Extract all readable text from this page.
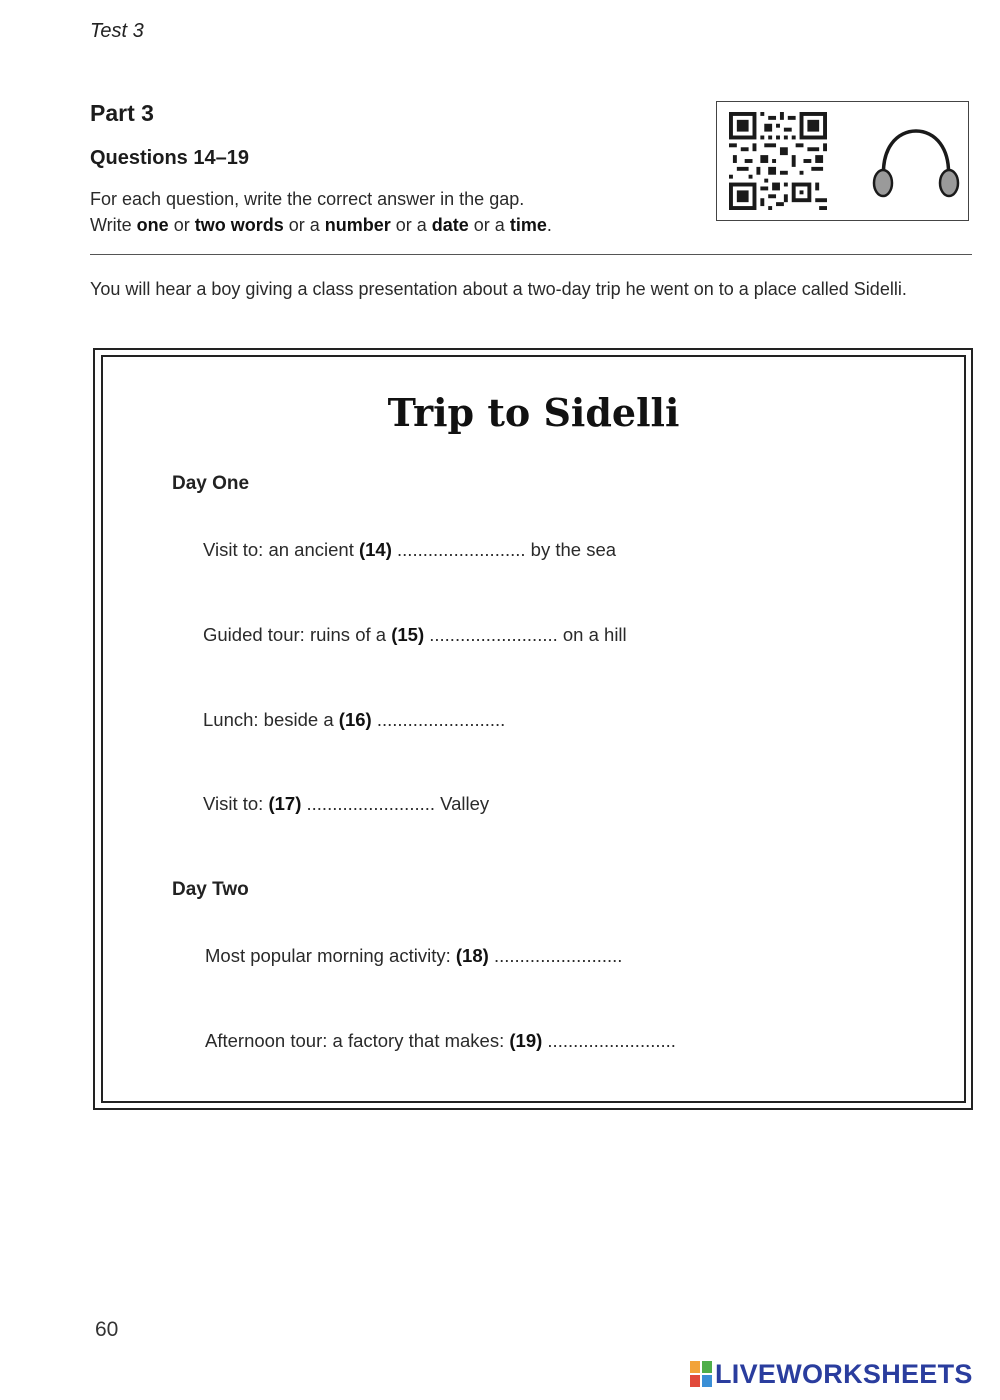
Test 3
Part 3
Questions 14–19
For each question, write the correct answer in the gap.
Write one or two words or a number or a date or a time.
You will hear a boy giving a class presentation about a two-day trip he went on to a place called Sidelli.
Trip to Sidelli
Day One
Visit to: an ancient (14) ......................... by the sea
Guided tour: ruins of a (15) ......................... on a hill
Lunch: beside a (16) .........................
Visit to: (17) ......................... Valley
Day Two
Most popular morning activity: (18) .........................
Afternoon tour: a factory that makes: (19) .........................
60
LIVEWORKSHEETS
